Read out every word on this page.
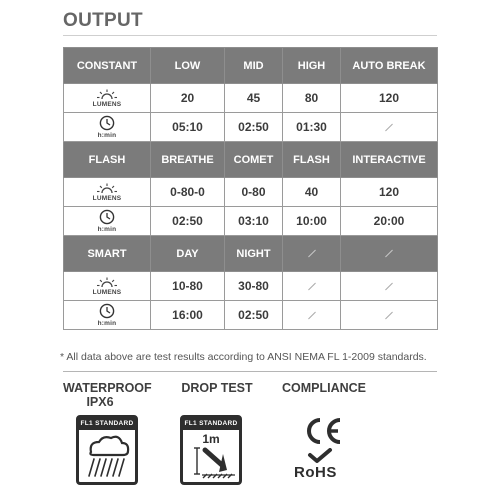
OUTPUT
CONSTANT	LOW	MID	HIGH	AUTO BREAK

LUMENS	20	45	80	120

h:min	05:10	02:50	01:30	
FLASH	BREATHE	COMET	FLASH	INTERACTIVE

LUMENS	0-80-0	0-80	40	120

h:min	02:50	03:10	10:00	20:00
SMART	DAY	NIGHT		

LUMENS	10-80	30-80		

h:min	16:00	02:50		
* All data above are test results according to ANSI NEMA FL 1-2009 standards.
WATERPROOF
IPX6
FL1 STANDARD
DROP TEST
FL1 STANDARD
1m
COMPLIANCE
RoHS
